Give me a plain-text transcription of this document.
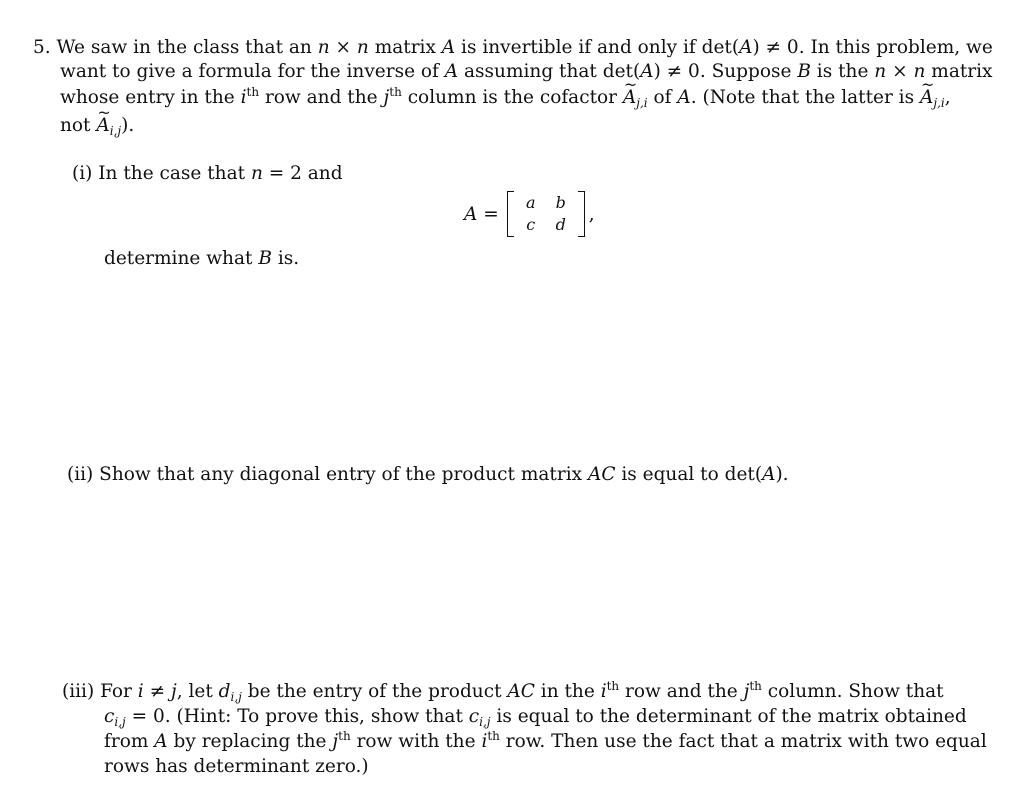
5. We saw in the class that an n × n matrix A is invertible if and only if det(A) ≠ 0. In this problem, we
want to give a formula for the inverse of A assuming that det(A) ≠ 0. Suppose B is the n × n matrix
whose entry in the $i^{th}$ row and the $j^{th}$ column is the cofactor ~ $A_{j,i}$ of A. (Note that the latter is ~ $A_{j,i}$,
not ~ $A_{i,j}$).
(i) In the case that n = 2 and
A =
a	b
c	d	,
determine what B is.
(ii) Show that any diagonal entry of the product matrix AC is equal to det(A).
(iii) For i ≠ j, let $d_{i,j}$ be the entry of the product AC in the $i^{th}$ row and the $j^{th}$ column. Show that
$c_{i,j} = 0$. (Hint: To prove this, show that $c_{i,j}$ is equal to the determinant of the matrix obtained
from A by replacing the $j^{th}$ row with the $i^{th}$ row. Then use the fact that a matrix with two equal
rows has determinant zero.)
